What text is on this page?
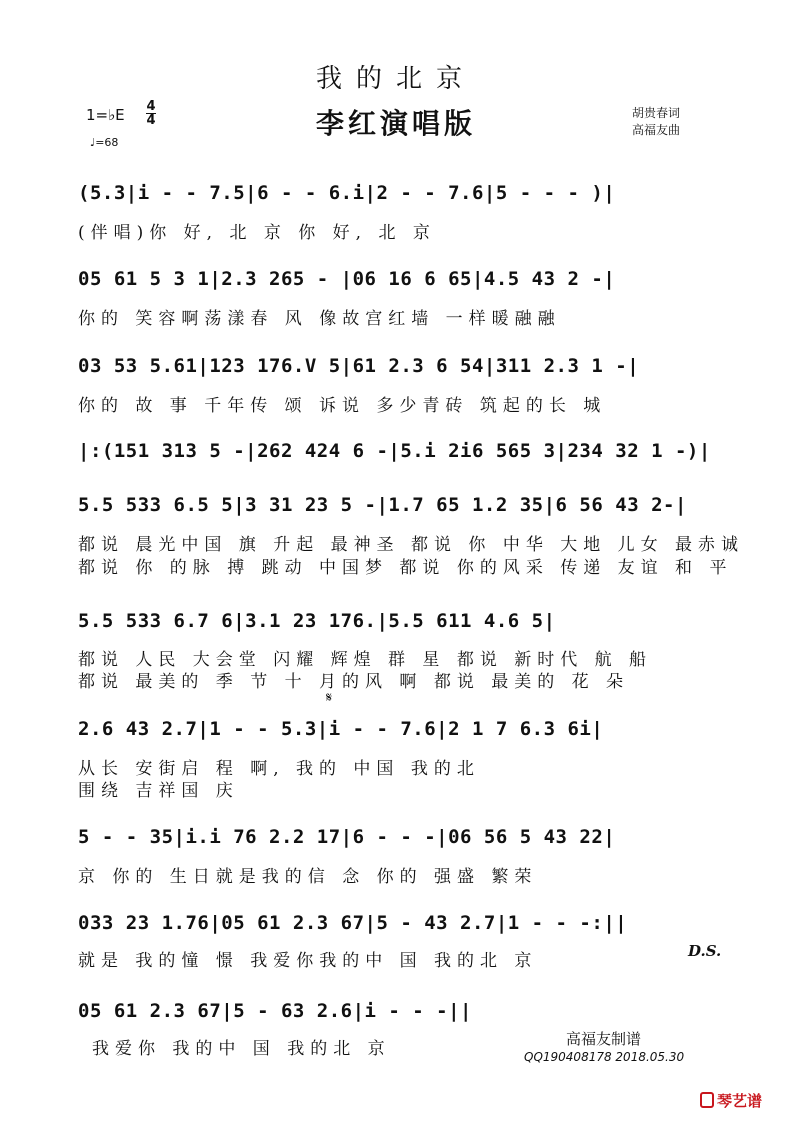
我的北京
李红演唱版
1=♭E 4
4
♩=68
胡贵春词
高福友曲
(5.3|i - - 7.5|6 - - 6.i|2 - - 7.6|5 - - - )|
(伴唱)你 好, 北 京 你 好, 北 京
05 61 5 3 1|2.3 265 - |06 16 6 65|4.5 43 2 -|
你的 笑容啊荡漾春 风 像故宫红墙 一样暖融融
03 53 5.61|123 176.V 5|61 2.3 6 54|311 2.3 1 -|
你的 故 事 千年传 颂 诉说 多少青砖 筑起的长 城
|:(151 313 5 -|262 424 6 -|5.i 2i6 565 3|234 32 1 -)|
5.5 533 6.5 5|3 31 23 5 -|1.7 65 1.2 35|6 56 43 2-|
都说 晨光中国 旗 升起 最神圣 都说 你 中华 大地 儿女 最赤诚
都说 你 的脉 搏 跳动 中国梦 都说 你的风采 传递 友谊 和 平
5.5 533 6.7 6|3.1 23 176.|5.5 611 4.6 5|
都说 人民 大会堂 闪耀 辉煌 群 星 都说 新时代 航 船
都说 最美的 季 节 十 月的风 啊 都说 最美的 花 朵
𝄋
2.6 43 2.7|1 - - 5.3|i - - 7.6|2 1 7 6.3 6i|
从长 安街启 程 啊, 我的 中国 我的北
围绕 吉祥国 庆
5 - - 35|i.i 76 2.2 17|6 - - -|06 56 5 43 22|
京 你的 生日就是我的信 念 你的 强盛 繁荣
033 23 1.76|05 61 2.3 67|5 - 43 2.7|1 - - -:||
就是 我的憧 憬 我爱你我的中 国 我的北 京	D.S.
05 61 2.3 67|5 - 63 2.6|i - - -||
我爱你 我的中 国 我的北 京	高福友制谱
QQ190408178 2018.05.30
琴艺谱
